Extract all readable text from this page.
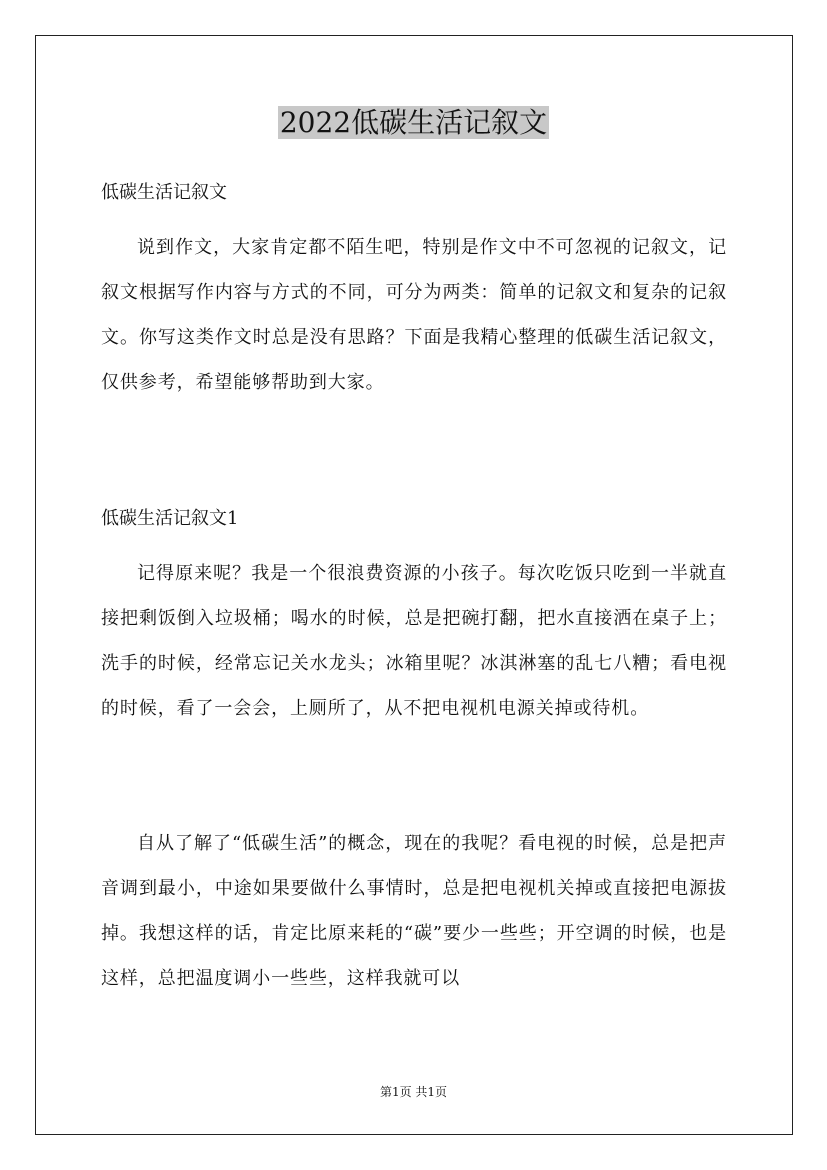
2022低碳生活记叙文
低碳生活记叙文
说到作文，大家肯定都不陌生吧，特别是作文中不可忽视的记叙文，记叙文根据写作内容与方式的不同，可分为两类：简单的记叙文和复杂的记叙文。你写这类作文时总是没有思路？下面是我精心整理的低碳生活记叙文，仅供参考，希望能够帮助到大家。
低碳生活记叙文1
记得原来呢？我是一个很浪费资源的小孩子。每次吃饭只吃到一半就直接把剩饭倒入垃圾桶；喝水的时候，总是把碗打翻，把水直接洒在桌子上；洗手的时候，经常忘记关水龙头；冰箱里呢？冰淇淋塞的乱七八糟；看电视的时候，看了一会会，上厕所了，从不把电视机电源关掉或待机。
自从了解了“低碳生活”的概念，现在的我呢？看电视的时候，总是把声音调到最小，中途如果要做什么事情时，总是把电视机关掉或直接把电源拔掉。我想这样的话，肯定比原来耗的“碳”要少一些些；开空调的时候，也是这样，总把温度调小一些些，这样我就可以
第1页 共1页
